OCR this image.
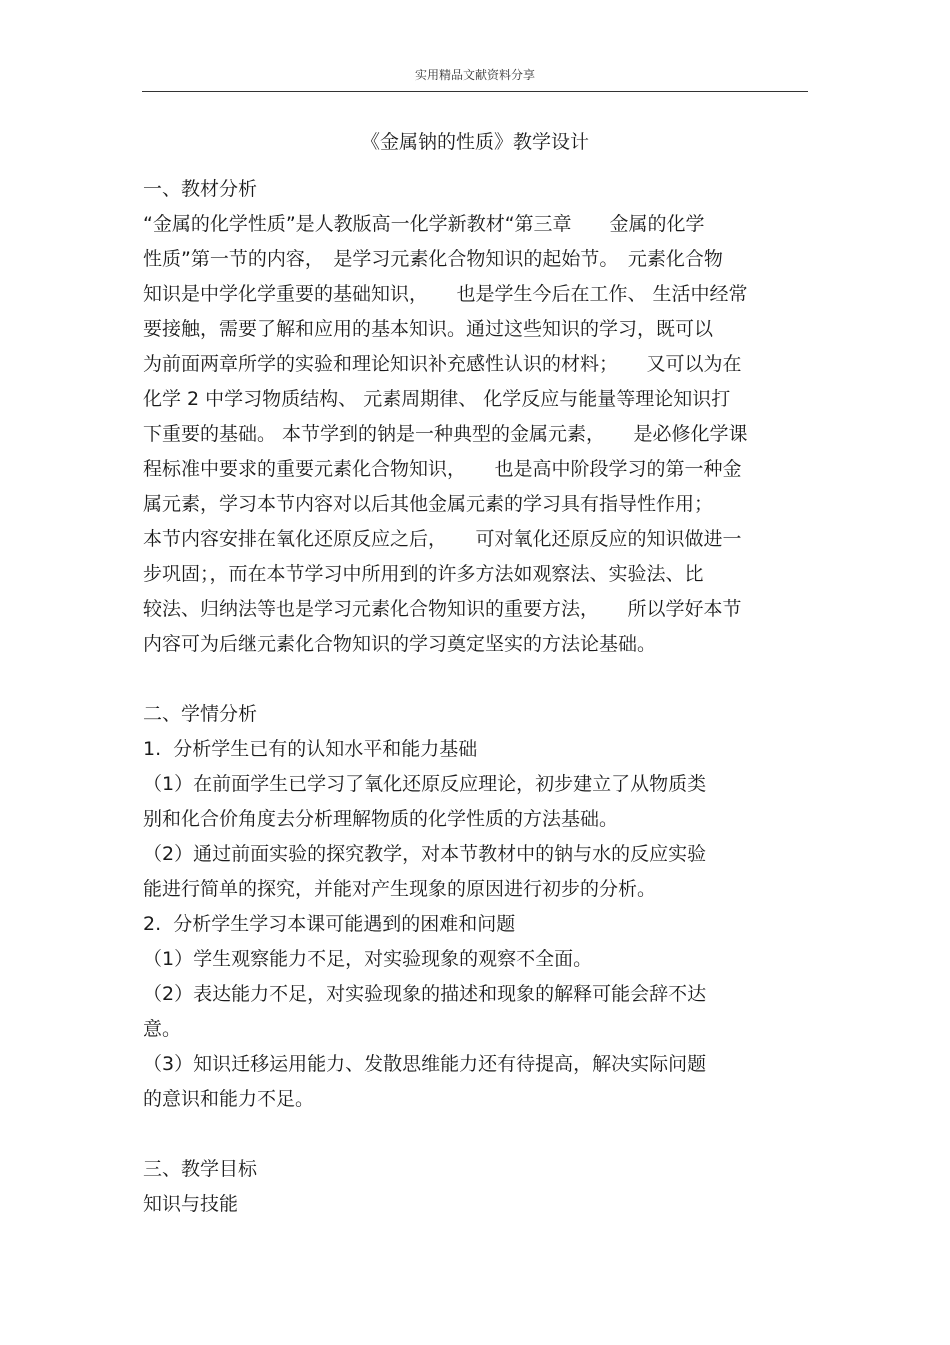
实用精品文献资料分享
《金属钠的性质》教学设计
一、教材分析
“金属的化学性质”是人教版高一化学新教材“第三章　　金属的化学
性质”第一节的内容，　是学习元素化合物知识的起始节。　元素化合物
知识是中学化学重要的基础知识，　　也是学生今后在工作、 生活中经常
要接触，需要了解和应用的基本知识。通过这些知识的学习，既可以
为前面两章所学的实验和理论知识补充感性认识的材料；　　又可以为在
化学 2 中学习物质结构、 元素周期律、 化学反应与能量等理论知识打
下重要的基础。 本节学到的钠是一种典型的金属元素，　　是必修化学课
程标准中要求的重要元素化合物知识，　　也是高中阶段学习的第一种金
属元素，学习本节内容对以后其他金属元素的学习具有指导性作用；
本节内容安排在氧化还原反应之后，　　可对氧化还原反应的知识做进一
步巩固；，而在本节学习中所用到的许多方法如观察法、实验法、比
较法、归纳法等也是学习元素化合物知识的重要方法，　　所以学好本节
内容可为后继元素化合物知识的学习奠定坚实的方法论基础。
二、学情分析
1.  分析学生已有的认知水平和能力基础
（1）在前面学生已学习了氧化还原反应理论，初步建立了从物质类
别和化合价角度去分析理解物质的化学性质的方法基础。
（2）通过前面实验的探究教学，对本节教材中的钠与水的反应实验
能进行简单的探究，并能对产生现象的原因进行初步的分析。
2.  分析学生学习本课可能遇到的困难和问题
（1）学生观察能力不足，对实验现象的观察不全面。
（2）表达能力不足，对实验现象的描述和现象的解释可能会辞不达
意。
（3）知识迁移运用能力、发散思维能力还有待提高，解决实际问题
的意识和能力不足。
三、教学目标
知识与技能
